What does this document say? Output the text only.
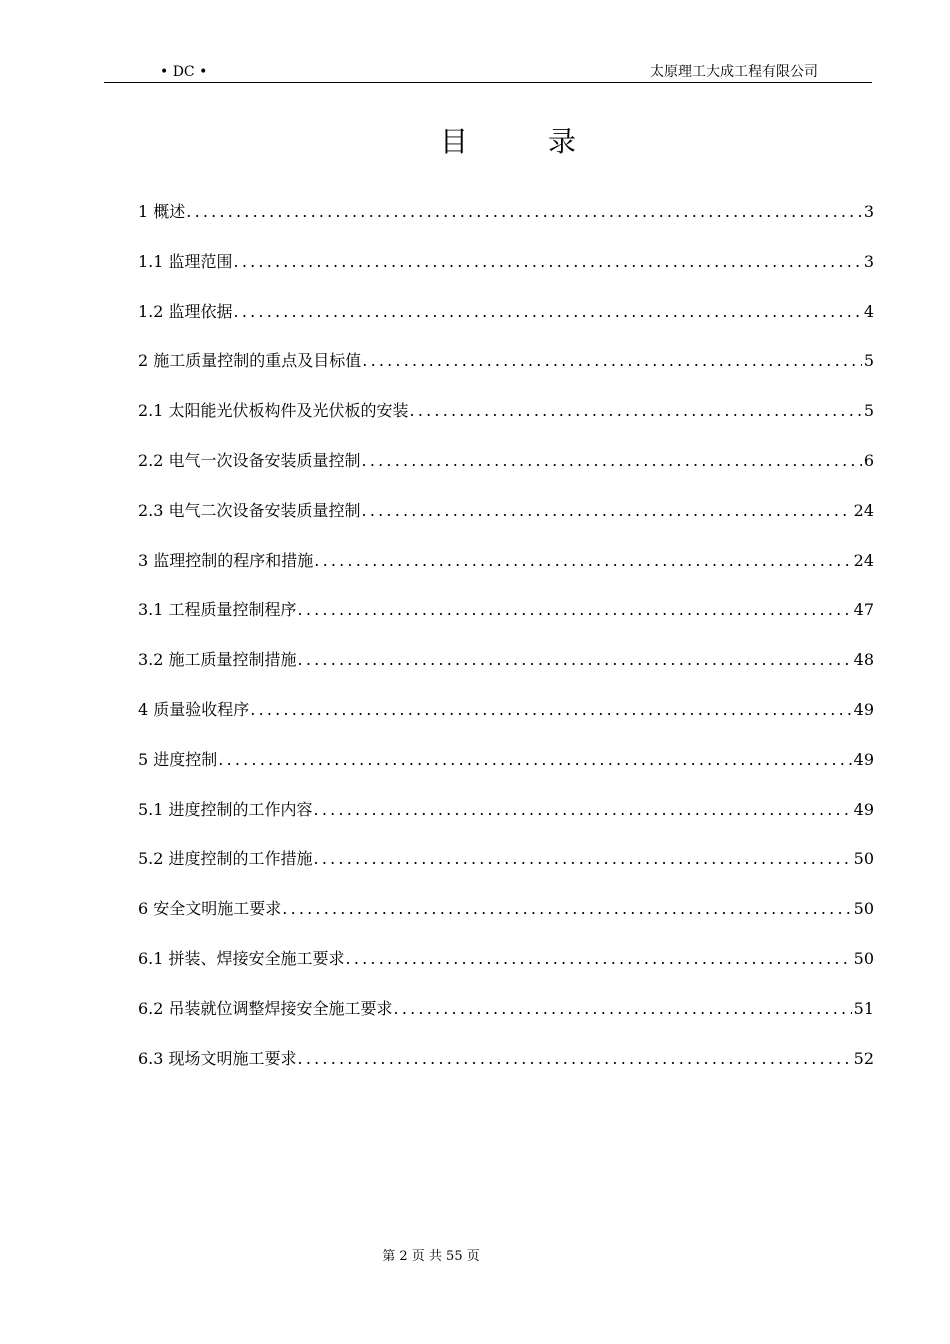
• DC •	太原理工大成工程有限公司
目	录
1 概述 .....	3
1.1 监理范围 .....	3
1.2 监理依据 .....	4
2 施工质量控制的重点及目标值 .....	5
2.1 太阳能光伏板构件及光伏板的安装 .....	5
2.2 电气一次设备安装质量控制 .....	6
2.3 电气二次设备安装质量控制 .....	24
3 监理控制的程序和措施 .....	24
3.1 工程质量控制程序 .....	47
3.2 施工质量控制措施 .....	48
4 质量验收程序 .....	49
5 进度控制 .....	49
5.1 进度控制的工作内容 .....	49
5.2 进度控制的工作措施 .....	50
6 安全文明施工要求 .....	50
6.1 拼装、焊接安全施工要求 .....	50
6.2 吊装就位调整焊接安全施工要求 .....	51
6.3 现场文明施工要求 .....	52
第 2 页 共 55 页
